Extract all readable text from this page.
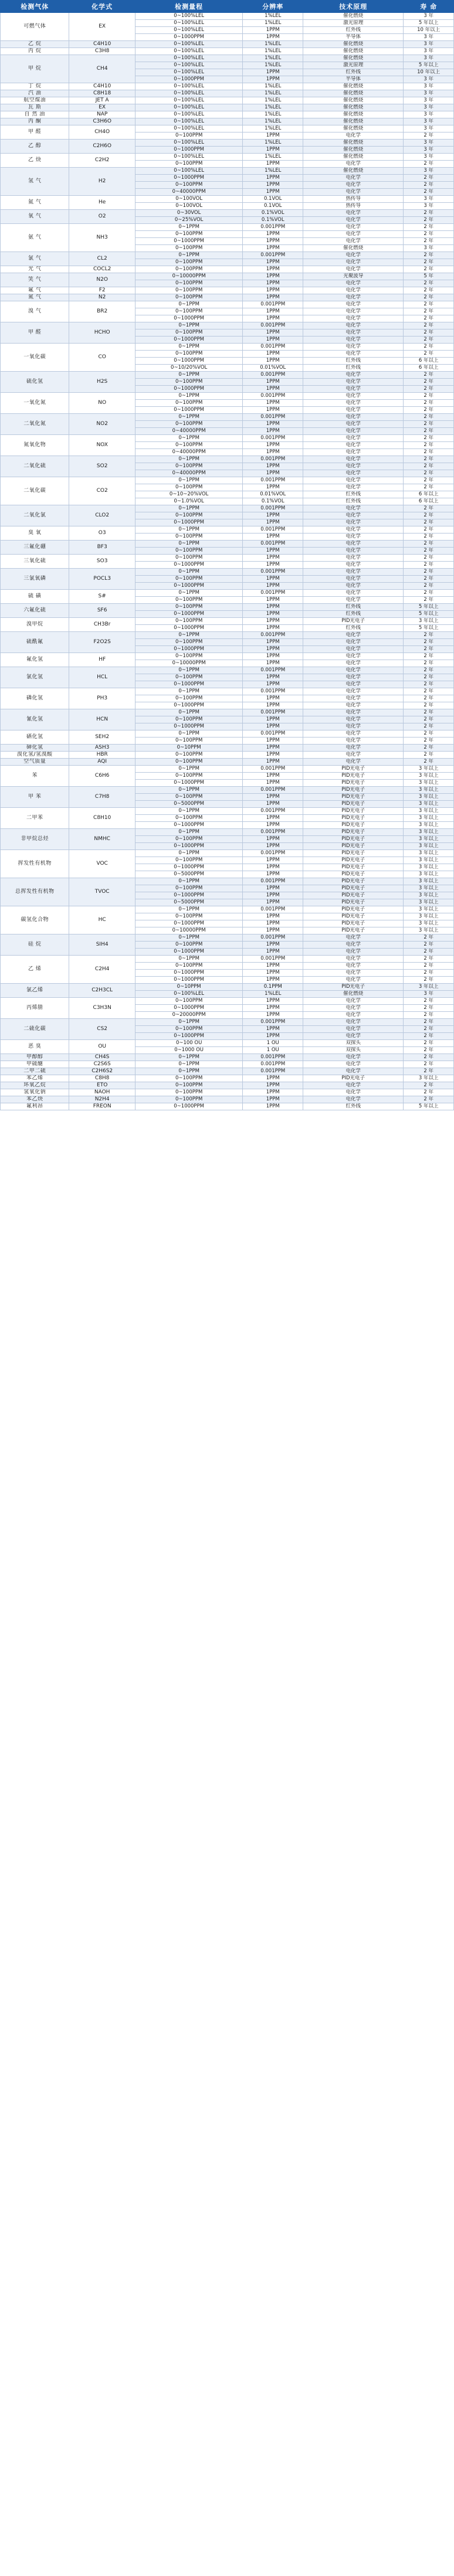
检测气体	化学式	检测量程	分辨率	技术原理	寿 命
可燃气体	EX	0~100%LEL	1%LEL	催化燃烧	3 年
		0~100%LEL	1%LEL	激光原理	5 年以上
		0~100%LEL	1PPM	红外线	10 年以上
		0~1000PPM	1PPM	半导体	3 年
乙 烷	C4H10	0~100%LEL	1%LEL	催化燃烧	3 年
丙 烷	C3H8	0~100%LEL	1%LEL	催化燃烧	3 年
甲 烷	CH4	0~100%LEL	1%LEL	催化燃烧	3 年
		0~100%LEL	1%LEL	激光原理	5 年以上
		0~100%LEL	1PPM	红外线	10 年以上
		0~1000PPM	1PPM	半导体	3 年
丁 烷	C4H10	0~100%LEL	1%LEL	催化燃烧	3 年
汽 油	C8H18	0~100%LEL	1%LEL	催化燃烧	3 年
航空煤油	JET A	0~100%LEL	1%LEL	催化燃烧	3 年
瓦 斯	EX	0~100%LEL	1%LEL	催化燃烧	3 年
自 然 油	NAP	0~100%LEL	1%LEL	催化燃烧	3 年
丙 酮	C3H6O	0~100%LEL	1%LEL	催化燃烧	3 年
甲 醛	CH4O	0~100%LEL	1%LEL	催化燃烧	3 年
		0~100PPM	1PPM	电化学	2 年
乙 醇	C2H6O	0~100%LEL	1%LEL	催化燃烧	3 年
		0~1000PPM	1PPM	催化燃烧	3 年
乙 炔	C2H2	0~100%LEL	1%LEL	催化燃烧	3 年
		0~100PPM	1PPM	电化学	2 年
氢 气	H2	0~100%LEL	1%LEL	催化燃烧	3 年
		0~1000PPM	1PPM	电化学	2 年
		0~100PPM	1PPM	电化学	2 年
		0~40000PPM	1PPM	电化学	2 年
氦 气	He	0~100VOL	0.1VOL	热传导	3 年
		0~100VOL	0.1VOL	热传导	3 年
氧 气	O2	0~30VOL	0.1%VOL	电化学	2 年
		0~25%VOL	0.1%VOL	电化学	2 年
氨 气	NH3	0~1PPM	0.001PPM	电化学	2 年
		0~100PPM	1PPM	电化学	2 年
		0~1000PPM	1PPM	电化学	2 年
		0~100PPM	1PPM	催化燃烧	3 年
氯 气	CL2	0~1PPM	0.001PPM	电化学	2 年
		0~100PPM	1PPM	电化学	2 年
光 气	COCL2	0~100PPM	1PPM	电化学	2 年
笑 气	N2O	0~10000PPM	1PPM	光聚波导	5 年
		0~100PPM	1PPM	电化学	2 年
氟 气	F2	0~100PPM	1PPM	电化学	2 年
氮 气	N2	0~100PPM	1PPM	电化学	2 年
溴 气	BR2	0~1PPM	0.001PPM	电化学	2 年
		0~100PPM	1PPM	电化学	2 年
		0~1000PPM	1PPM	电化学	2 年
甲 醛	HCHO	0~1PPM	0.001PPM	电化学	2 年
		0~100PPM	1PPM	电化学	2 年
		0~1000PPM	1PPM	电化学	2 年
一氧化碳	CO	0~1PPM	0.001PPM	电化学	2 年
		0~100PPM	1PPM	电化学	2 年
		0~1000PPM	1PPM	红外线	6 年以上
		0~10/20%VOL	0.01%VOL	红外线	6 年以上
硫化氢	H2S	0~1PPM	0.001PPM	电化学	2 年
		0~100PPM	1PPM	电化学	2 年
		0~1000PPM	1PPM	电化学	2 年
一氧化氮	NO	0~1PPM	0.001PPM	电化学	2 年
		0~100PPM	1PPM	电化学	2 年
		0~1000PPM	1PPM	电化学	2 年
二氧化氮	NO2	0~1PPM	0.001PPM	电化学	2 年
		0~100PPM	1PPM	电化学	2 年
		0~40000PPM	1PPM	电化学	2 年
氮氧化物	NOX	0~1PPM	0.001PPM	电化学	2 年
		0~100PPM	1PPM	电化学	2 年
		0~40000PPM	1PPM	电化学	2 年
二氧化硫	SO2	0~1PPM	0.001PPM	电化学	2 年
		0~100PPM	1PPM	电化学	2 年
		0~40000PPM	1PPM	电化学	2 年
二氧化碳	CO2	0~1PPM	0.001PPM	电化学	2 年
		0~100PPM	1PPM	电化学	2 年
		0~10~20%VOL	0.01%VOL	红外线	6 年以上
		0~1.0%VOL	0.1%VOL	红外线	6 年以上
二氧化氯	CLO2	0~1PPM	0.001PPM	电化学	2 年
		0~100PPM	1PPM	电化学	2 年
		0~1000PPM	1PPM	电化学	2 年
臭 氧	O3	0~1PPM	0.001PPM	电化学	2 年
		0~100PPM	1PPM	电化学	2 年
三氟化硼	BF3	0~1PPM	0.001PPM	电化学	2 年
		0~100PPM	1PPM	电化学	2 年
三氧化硫	SO3	0~100PPM	1PPM	电化学	2 年
		0~1000PPM	1PPM	电化学	2 年
三氯氧磷	POCL3	0~1PPM	0.001PPM	电化学	2 年
		0~100PPM	1PPM	电化学	2 年
		0~1000PPM	1PPM	电化学	2 年
硫 磺	S#	0~1PPM	0.001PPM	电化学	2 年
		0~100PPM	1PPM	电化学	2 年
六氟化硫	SF6	0~100PPM	1PPM	红外线	5 年以上
		0~1000PPM	1PPM	红外线	5 年以上
溴甲烷	CH3Br	0~100PPM	1PPM	PID光电子	3 年以上
		0~1000PPM	1PPM	红外线	5 年以上
硫酰氟	F2O2S	0~1PPM	0.001PPM	电化学	2 年
		0~100PPM	1PPM	电化学	2 年
		0~1000PPM	1PPM	电化学	2 年
氟化氢	HF	0~100PPM	1PPM	电化学	2 年
		0~10000PPM	1PPM	电化学	2 年
氯化氢	HCL	0~1PPM	0.001PPM	电化学	2 年
		0~100PPM	1PPM	电化学	2 年
		0~1000PPM	1PPM	电化学	2 年
磷化氢	PH3	0~1PPM	0.001PPM	电化学	2 年
		0~100PPM	1PPM	电化学	2 年
		0~1000PPM	1PPM	电化学	2 年
氰化氢	HCN	0~1PPM	0.001PPM	电化学	2 年
		0~100PPM	1PPM	电化学	2 年
		0~1000PPM	1PPM	电化学	2 年
硒化氢	SEH2	0~1PPM	0.001PPM	电化学	2 年
		0~100PPM	1PPM	电化学	2 年
砷化氢	ASH3	0~10PPM	1PPM	电化学	2 年
溴化氢/氢溴酸	HBR	0~100PPM	1PPM	电化学	2 年
空气质量	AQI	0~100PPM	1PPM	电化学	2 年
苯	C6H6	0~1PPM	0.001PPM	PID光电子	3 年以上
		0~100PPM	1PPM	PID光电子	3 年以上
		0~1000PPM	1PPM	PID光电子	3 年以上
甲 苯	C7H8	0~1PPM	0.001PPM	PID光电子	3 年以上
		0~100PPM	1PPM	PID光电子	3 年以上
		0~5000PPM	1PPM	PID光电子	3 年以上
二甲苯	C8H10	0~1PPM	0.001PPM	PID光电子	3 年以上
		0~100PPM	1PPM	PID光电子	3 年以上
		0~1000PPM	1PPM	PID光电子	3 年以上
非甲烷总烃	NMHC	0~1PPM	0.001PPM	PID光电子	3 年以上
		0~100PPM	1PPM	PID光电子	3 年以上
		0~1000PPM	1PPM	PID光电子	3 年以上
挥发性有机物	VOC	0~1PPM	0.001PPM	PID光电子	3 年以上
		0~100PPM	1PPM	PID光电子	3 年以上
		0~1000PPM	1PPM	PID光电子	3 年以上
		0~5000PPM	1PPM	PID光电子	3 年以上
总挥发性有机物	TVOC	0~1PPM	0.001PPM	PID光电子	3 年以上
		0~100PPM	1PPM	PID光电子	3 年以上
		0~1000PPM	1PPM	PID光电子	3 年以上
		0~5000PPM	1PPM	PID光电子	3 年以上
碳氢化合物	HC	0~1PPM	0.001PPM	PID光电子	3 年以上
		0~100PPM	1PPM	PID光电子	3 年以上
		0~1000PPM	1PPM	PID光电子	3 年以上
		0~10000PPM	1PPM	PID光电子	3 年以上
硅 烷	SIH4	0~1PPM	0.001PPM	电化学	2 年
		0~100PPM	1PPM	电化学	2 年
		0~1000PPM	1PPM	电化学	2 年
乙 烯	C2H4	0~1PPM	0.001PPM	电化学	2 年
		0~100PPM	1PPM	电化学	2 年
		0~1000PPM	1PPM	电化学	2 年
		0~1000PPM	1PPM	电化学	2 年
氯乙烯	C2H3CL	0~10PPM	0.1PPM	PID光电子	3 年以上
		0~100%LEL	1%LEL	催化燃烧	3 年
丙烯腈	C3H3N	0~100PPM	1PPM	电化学	2 年
		0~1000PPM	1PPM	电化学	2 年
		0~20000PPM	1PPM	电化学	2 年
二硫化碳	CS2	0~1PPM	0.001PPM	电化学	2 年
		0~100PPM	1PPM	电化学	2 年
		0~1000PPM	1PPM	电化学	2 年
恶 臭	OU	0~100 OU	1 OU	双探头	2 年
		0~1000 OU	1 OU	双探头	2 年
甲醇醇	CH4S	0~1PPM	0.001PPM	电化学	2 年
甲硫醚	C2S6S	0~1PPM	0.001PPM	电化学	2 年
二甲二硫	C2H6S2	0~1PPM	0.001PPM	电化学	2 年
苯乙烯	C8H8	0~100PPM	1PPM	PID光电子	3 年以上
环氧乙烷	ETO	0~100PPM	1PPM	电化学	2 年
氢氧化钠	NAOH	0~100PPM	1PPM	电化学	2 年
苯乙炔	N2H4	0~100PPM	1PPM	电化学	2 年
氟利昂	FREON	0~1000PPM	1PPM	红外线	5 年以上
